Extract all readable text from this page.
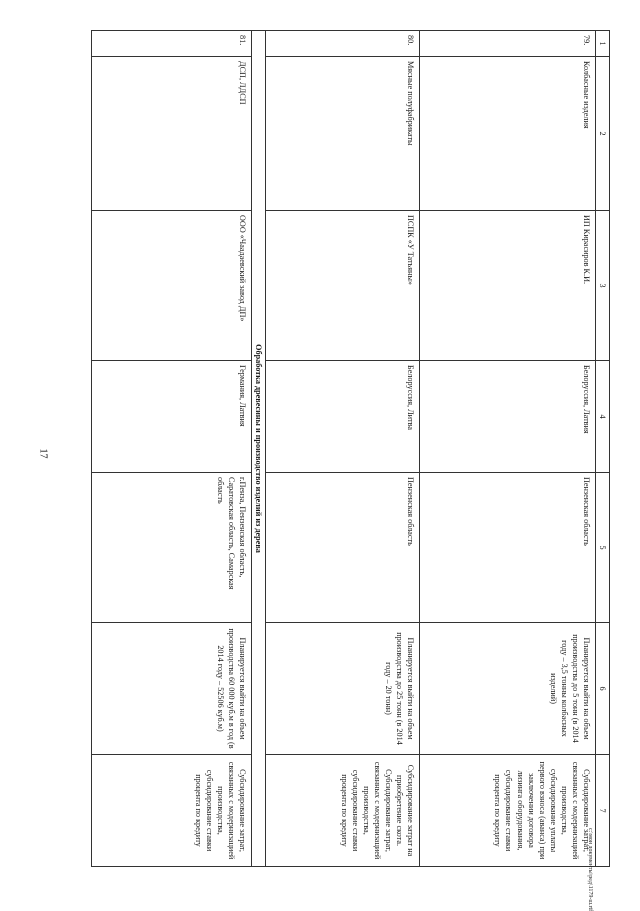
17
1	2	3	4	5	6	7
79.	Колбасные изделия	ИП Кирасиров К.И.	Белоруссия, Латвия	Пензенская область	Планируется выйти на объем производства до 5 тонн (в 2014 году – 3,5 тонны колбасных изделий)	Субсидирование затрат, связанных с модернизацией производства, субсидирование уплаты первого взноса (аванса) при заключении договора лизинга оборудования, субсидирование ставки процента по кредиту
80.	Мясные полуфабрикаты	ПСПК «У Татьяны»	Белоруссия, Литва	Пензенская область	Планируется выйти на объем производства до 25 тонн (в 2014 году – 20 тонн)	Субсидирование затрат на приобретение скота. Субсидирование затрат, связанных с модернизацией производства, субсидирование ставки процента по кредиту
Обработка древесины и производство изделий из дерева						
81.	ДСП, ЛДСП	ООО «Чаадаевский завод ДП»	Германия, Латвия	г.Пенза, Пензенская область, Саратовская область, Самарская область	Планируется выйти на объем производства 60 000 куб.м в год (в 2014 году – 52506 куб.м)	Субсидирование затрат, связанных с модернизацией производства, субсидирование ставки процента по кредиту
c:\мои документы\ред\1179-ш.rtf
